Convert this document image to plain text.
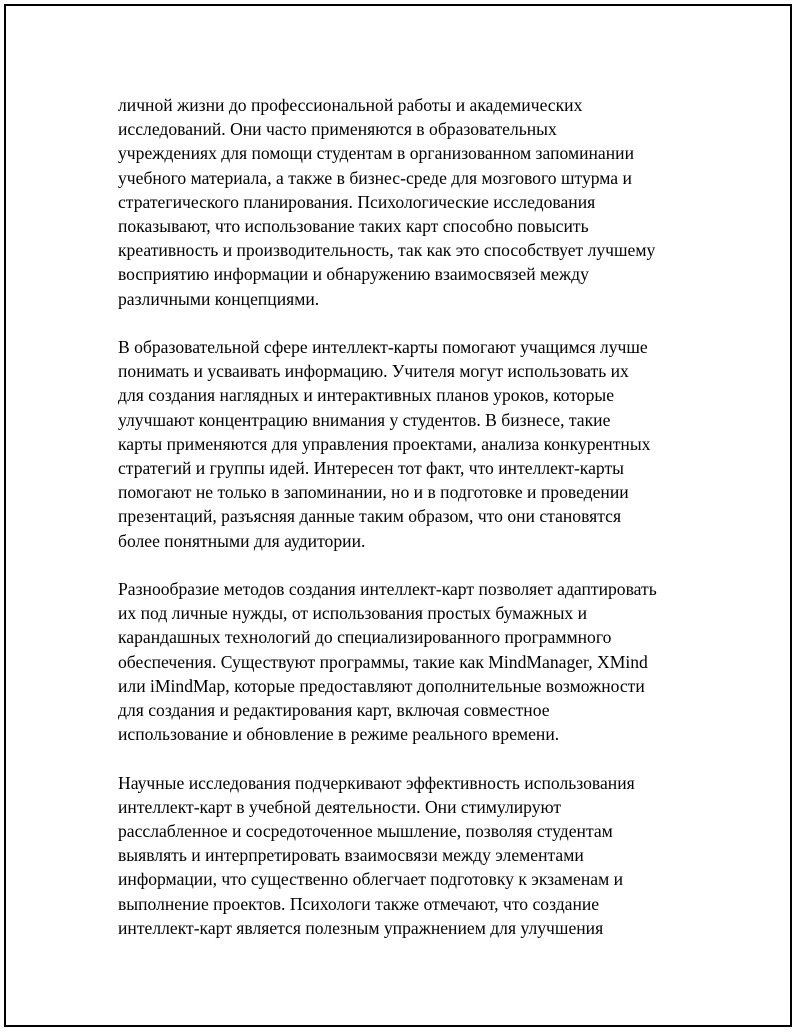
личной жизни до профессиональной работы и академических
исследований. Они часто применяются в образовательных
учреждениях для помощи студентам в организованном запоминании
учебного материала, а также в бизнес-среде для мозгового штурма и
стратегического планирования. Психологические исследования
показывают, что использование таких карт способно повысить
креативность и производительность, так как это способствует лучшему
восприятию информации и обнаружению взаимосвязей между
различными концепциями.

В образовательной сфере интеллект-карты помогают учащимся лучше
понимать и усваивать информацию. Учителя могут использовать их
для создания наглядных и интерактивных планов уроков, которые
улучшают концентрацию внимания у студентов. В бизнесе, такие
карты применяются для управления проектами, анализа конкурентных
стратегий и группы идей. Интересен тот факт, что интеллект-карты
помогают не только в запоминании, но и в подготовке и проведении
презентаций, разъясняя данные таким образом, что они становятся
более понятными для аудитории.

Разнообразие методов создания интеллект-карт позволяет адаптировать
их под личные нужды, от использования простых бумажных и
карандашных технологий до специализированного программного
обеспечения. Существуют программы, такие как MindManager, XMind
или iMindMap, которые предоставляют дополнительные возможности
для создания и редактирования карт, включая совместное
использование и обновление в режиме реального времени.

Научные исследования подчеркивают эффективность использования
интеллект-карт в учебной деятельности. Они стимулируют
расслабленное и сосредоточенное мышление, позволяя студентам
выявлять и интерпретировать взаимосвязи между элементами
информации, что существенно облегчает подготовку к экзаменам и
выполнение проектов. Психологи также отмечают, что создание
интеллект-карт является полезным упражнением для улучшения
